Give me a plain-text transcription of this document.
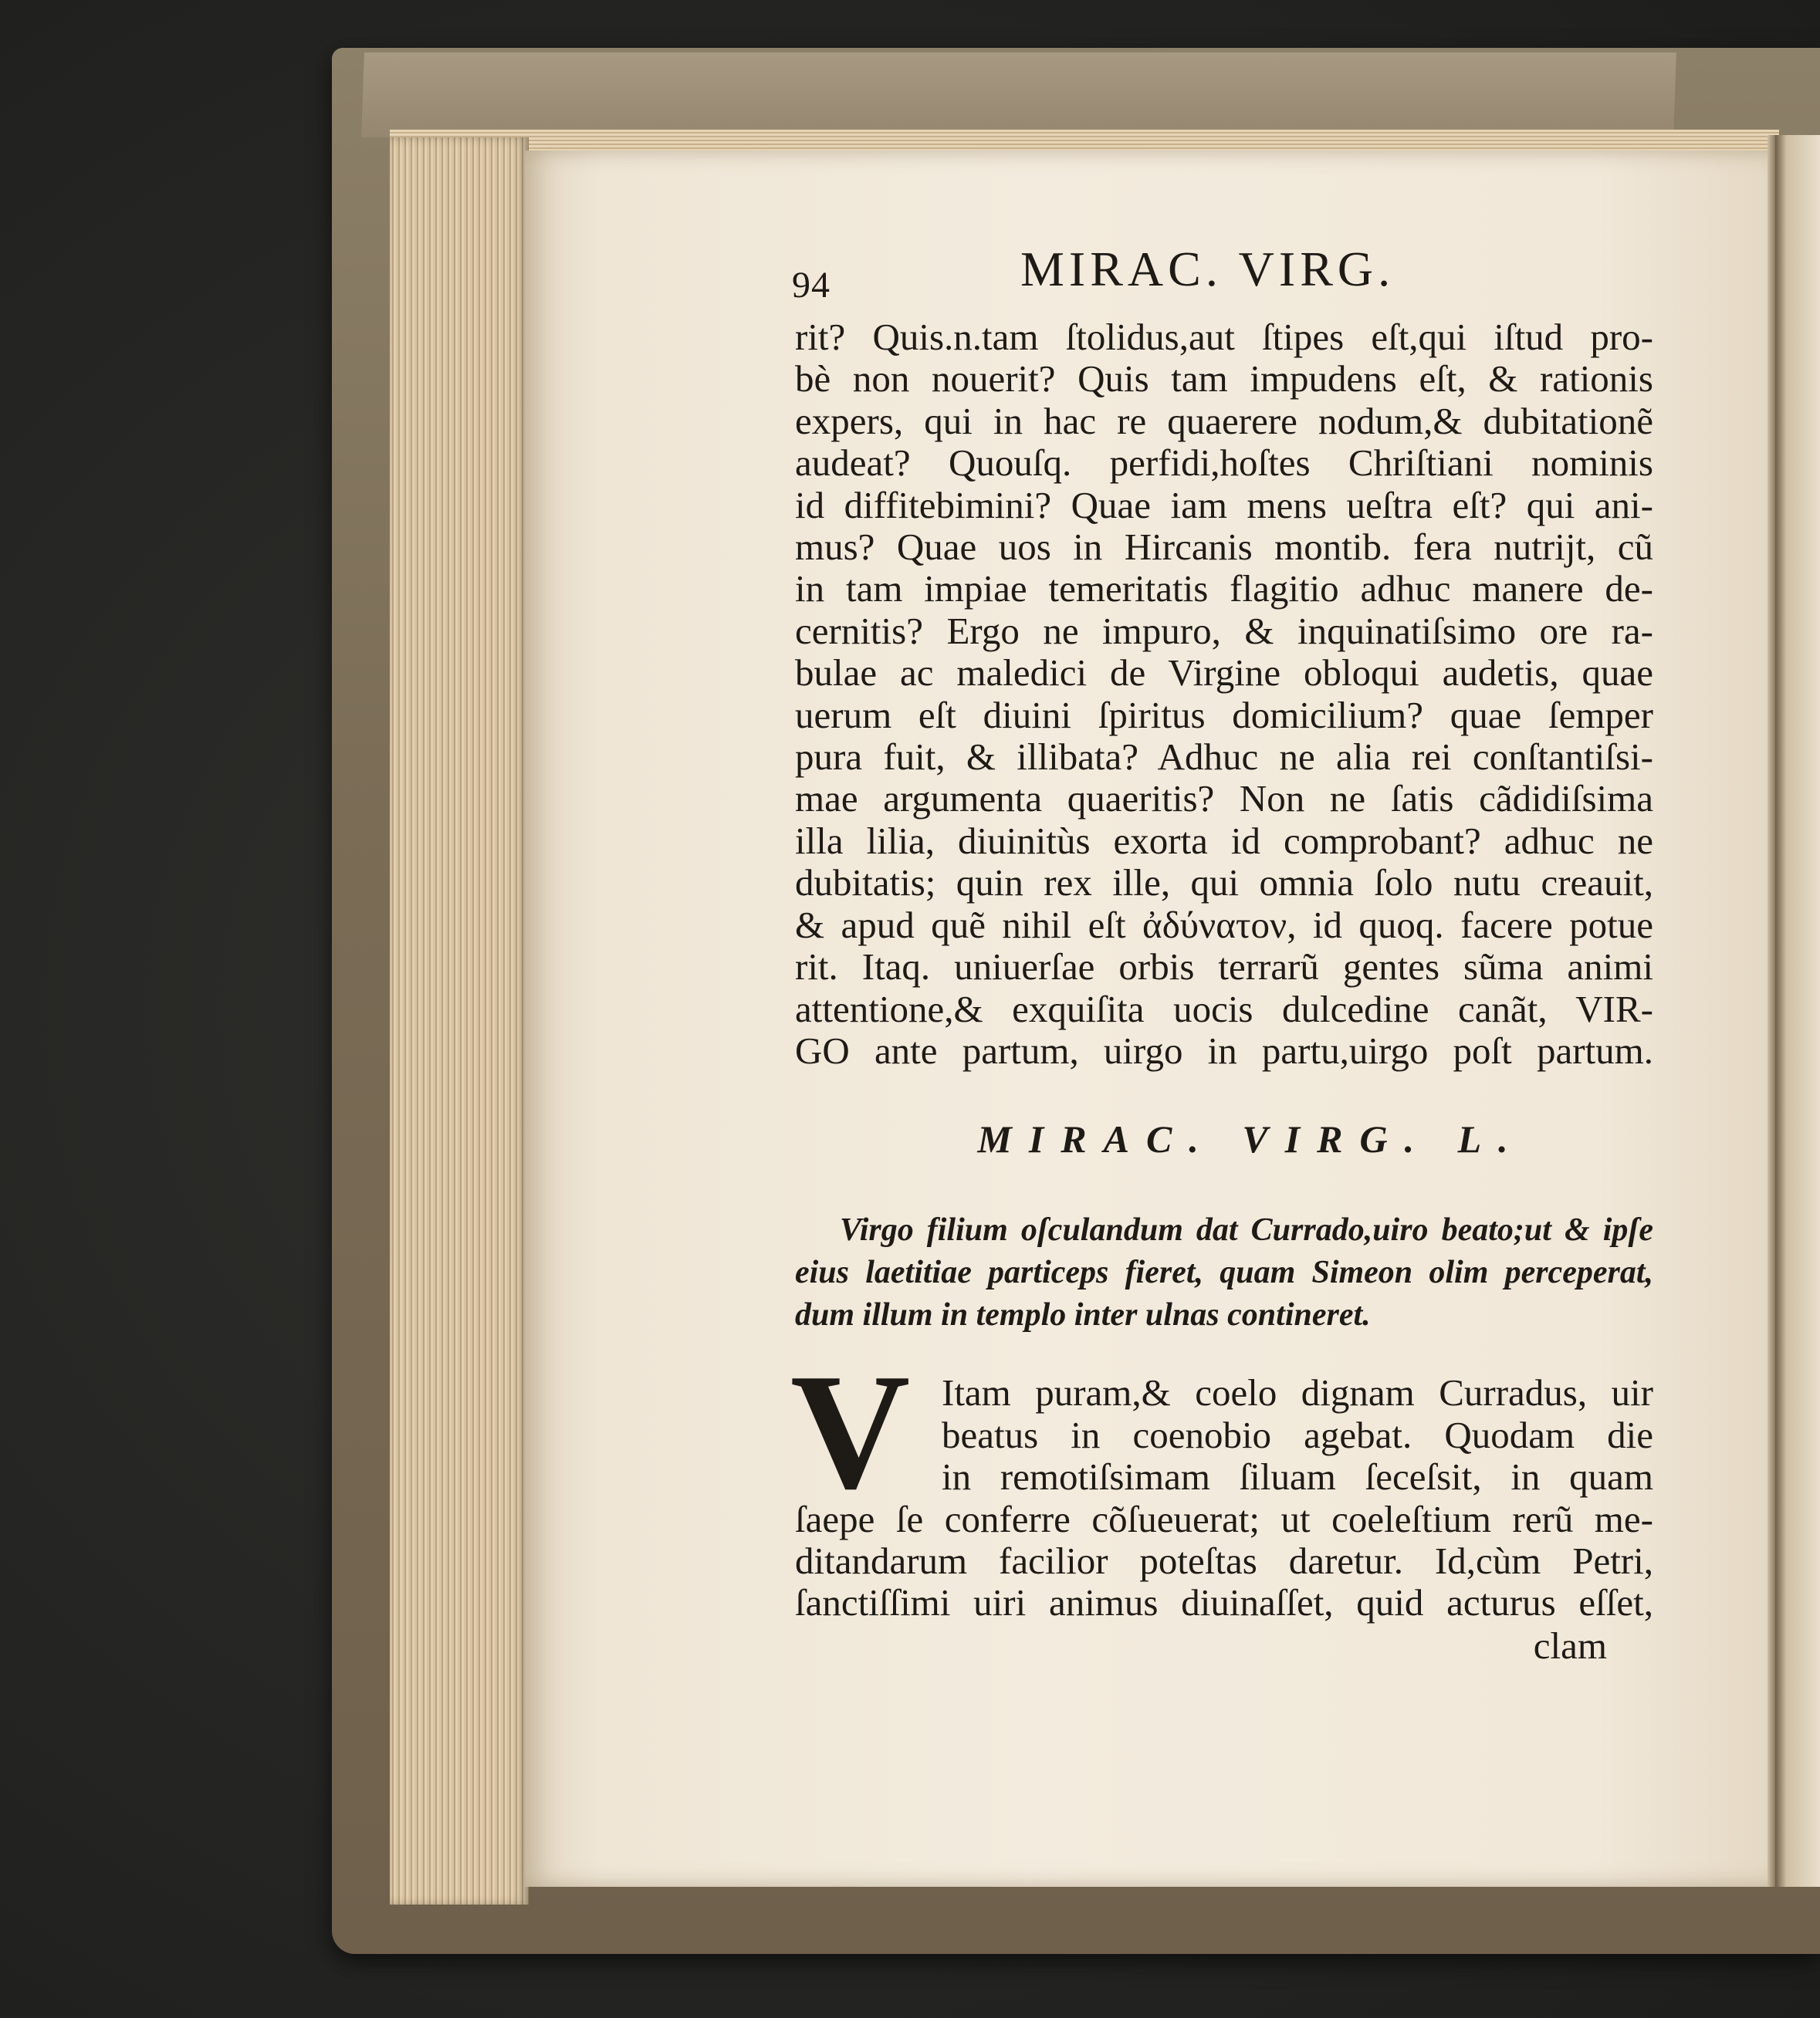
94	MIRAC. VIRG.
rit? Quis.n.tam ſtolidus,aut ſtipes eſt,qui iſtud pro-
bè non nouerit? Quis tam impudens eſt, & rationis
expers, qui in hac re quaerere nodum,& dubitationẽ
audeat? Quouſq. perfidi,hoſtes Chriſtiani nominis
id diffitebimini? Quae iam mens ueſtra eſt? qui ani-
mus? Quae uos in Hircanis montib. fera nutrijt, cũ
in tam impiae temeritatis flagitio adhuc manere de-
cernitis? Ergo ne impuro, & inquinatiſsimo ore ra-
bulae ac maledici de Virgine obloqui audetis, quae
uerum eſt diuini ſpiritus domicilium? quae ſemper
pura fuit, & illibata? Adhuc ne alia rei conſtantiſsi-
mae argumenta quaeritis? Non ne ſatis cãdidiſsima
illa lilia, diuinitùs exorta id comprobant? adhuc ne
dubitatis; quin rex ille, qui omnia ſolo nutu creauit,
& apud quẽ nihil eſt ἀδύνατον, id quoq. facere potue
rit. Itaq. uniuerſae orbis terrarũ gentes sũma animi
attentione,& exquiſita uocis dulcedine canãt, VIR-
GO ante partum, uirgo in partu,uirgo poſt partum.
MIRAC. VIRG. L.
Virgo filium oſculandum dat Currado,uiro beato;ut & ipſe
eius laetitiae particeps fieret, quam Simeon olim perceperat,
dum illum in templo inter ulnas contineret.
V Itam puram,& coelo dignam Curradus, uir
beatus in coenobio agebat. Quodam die
in remotiſsimam ſiluam ſeceſsit, in quam
ſaepe ſe conferre cõſueuerat; ut coeleſtium rerũ me-
ditandarum facilior poteſtas daretur. Id,cùm Petri,
ſanctiſſimi uiri animus diuinaſſet, quid acturus eſſet,
clam
